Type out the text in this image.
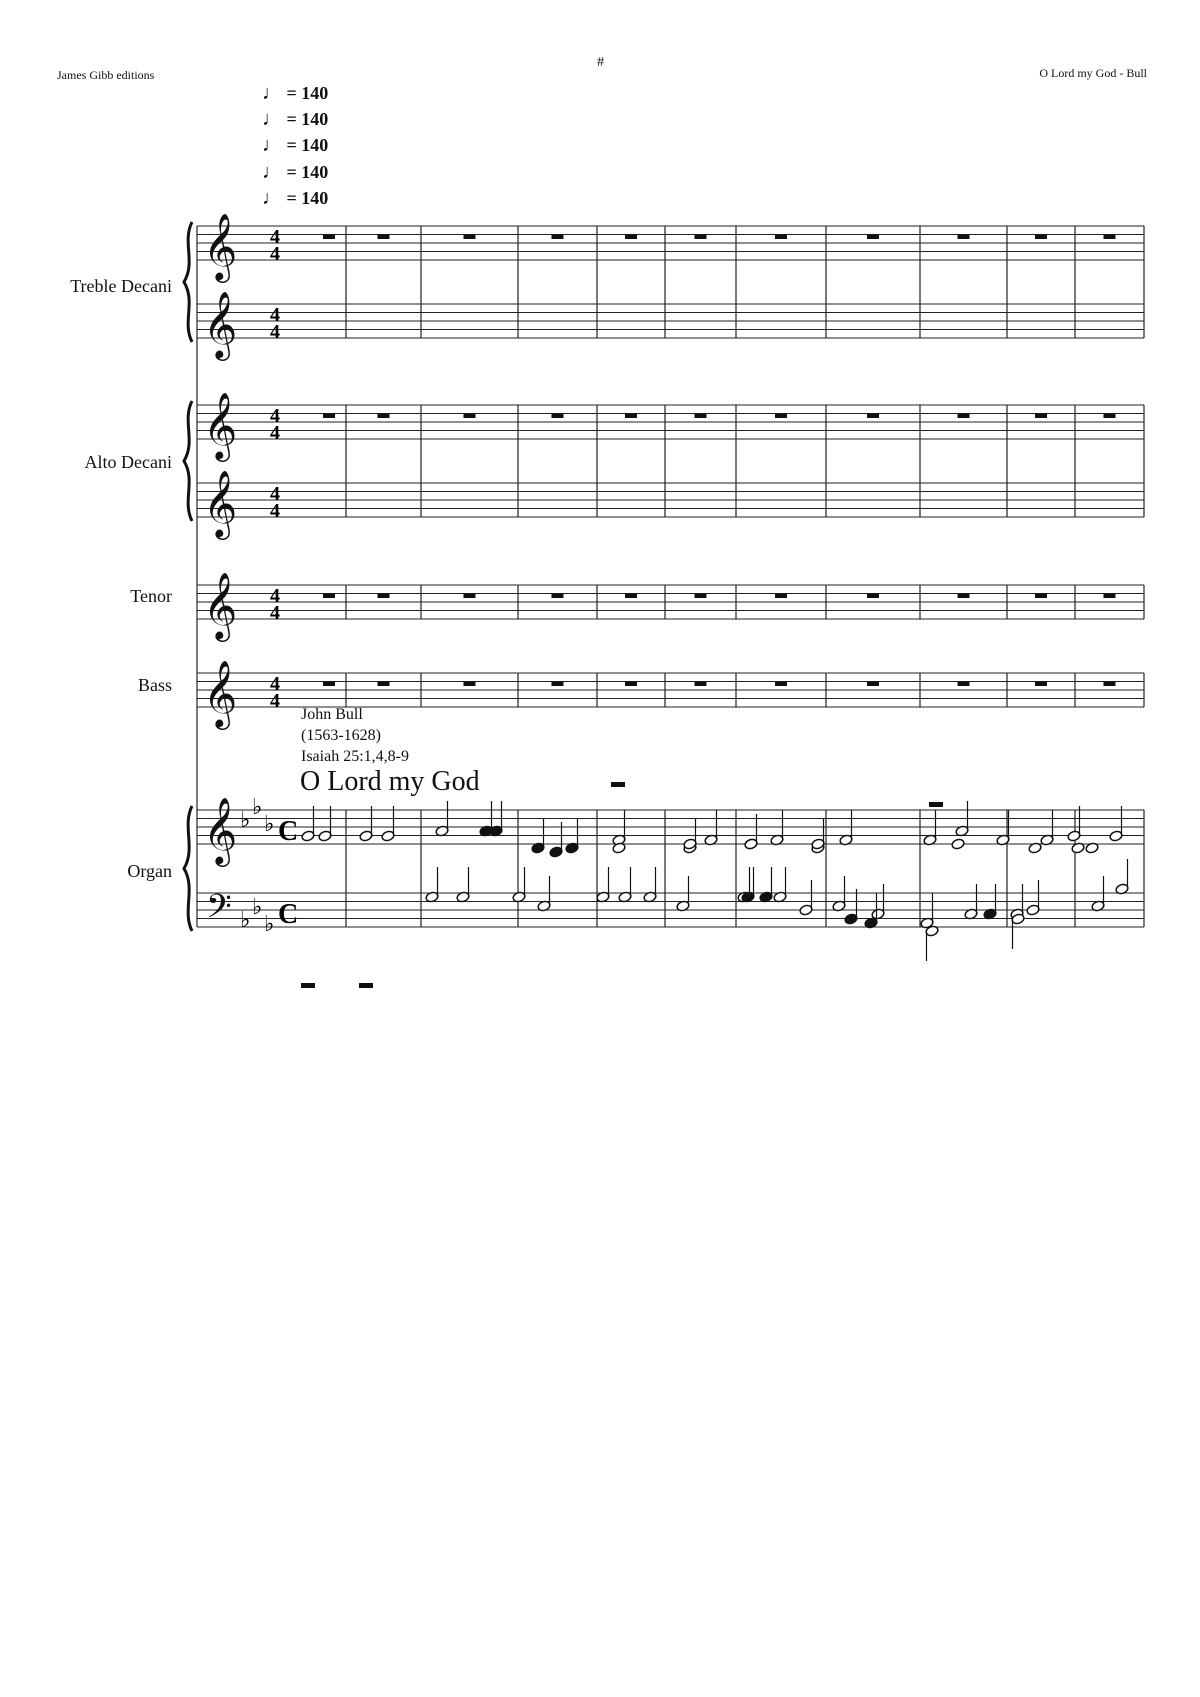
James Gibb editions
#
O Lord my God - Bull
♩ = 140
♩ = 140
♩ = 140
♩ = 140
♩ = 140
Treble Decani
Alto Decani
Tenor
Bass
Organ
John Bull
(1563-1628)
Isaiah 25:1,4,8-9
O Lord my God
𝄞 4
4
𝄞 4
4
𝄞 4
4
𝄞 4
4
𝄞 4
4
𝄞 4
4
𝄞 ♭
♭
♭ C
𝄢 ♭
♭
♭ C
